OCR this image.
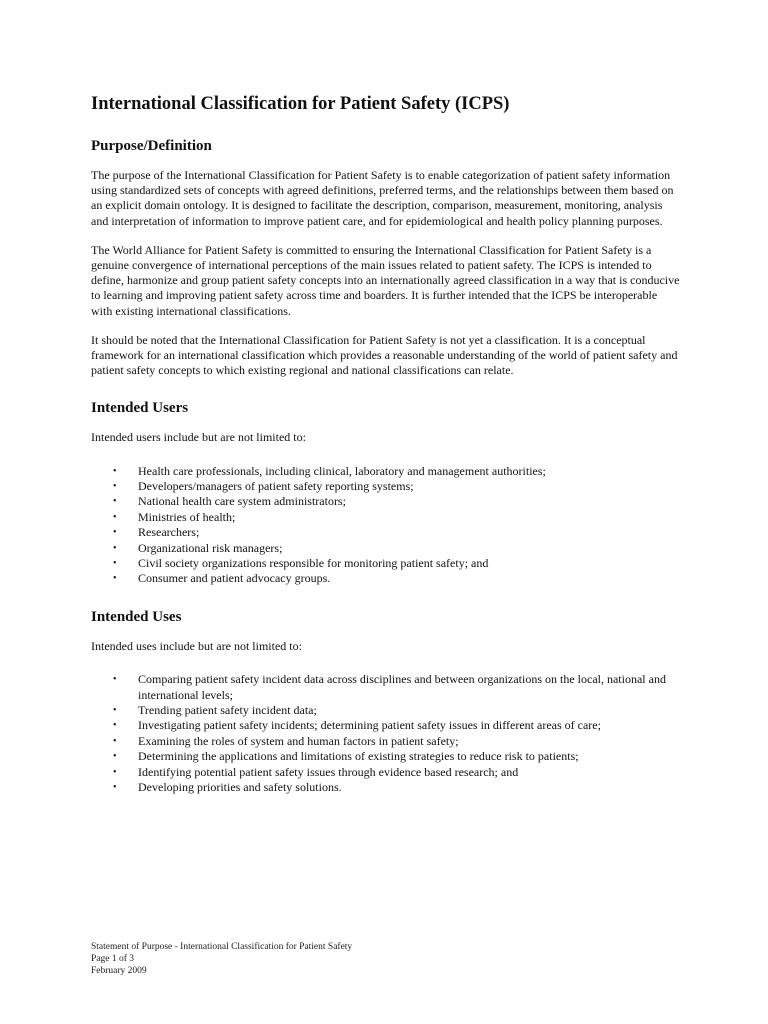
International Classification for Patient Safety (ICPS)
Purpose/Definition

The purpose of the International Classification for Patient Safety is to enable categorization of patient safety information using standardized sets of concepts with agreed definitions, preferred terms, and the relationships between them based on an explicit domain ontology. It is designed to facilitate the description, comparison, measurement, monitoring, analysis and interpretation of information to improve patient care, and for epidemiological and health policy planning purposes.

The World Alliance for Patient Safety is committed to ensuring the International Classification for Patient Safety is a genuine convergence of international perceptions of the main issues related to patient safety. The ICPS is intended to define, harmonize and group patient safety concepts into an internationally agreed classification in a way that is conducive to learning and improving patient safety across time and boarders. It is further intended that the ICPS be interoperable with existing international classifications.

It should be noted that the International Classification for Patient Safety is not yet a classification. It is a conceptual framework for an international classification which provides a reasonable understanding of the world of patient safety and patient safety concepts to which existing regional and national classifications can relate.

Intended Users

Intended users include but are not limited to:

• Health care professionals, including clinical, laboratory and management authorities;
• Developers/managers of patient safety reporting systems;
• National health care system administrators;
• Ministries of health;
• Researchers;
• Organizational risk managers;
• Civil society organizations responsible for monitoring patient safety; and
• Consumer and patient advocacy groups.
Intended Uses

Intended uses include but are not limited to:

• Comparing patient safety incident data across disciplines and between organizations on the local, national and international levels;
• Trending patient safety incident data;
• Investigating patient safety incidents; determining patient safety issues in different areas of care;
• Examining the roles of system and human factors in patient safety;
• Determining the applications and limitations of existing strategies to reduce risk to patients;
• Identifying potential patient safety issues through evidence based research; and
• Developing priorities and safety solutions.
Statement of Purpose - International Classification for Patient Safety
Page 1 of 3
February 2009
